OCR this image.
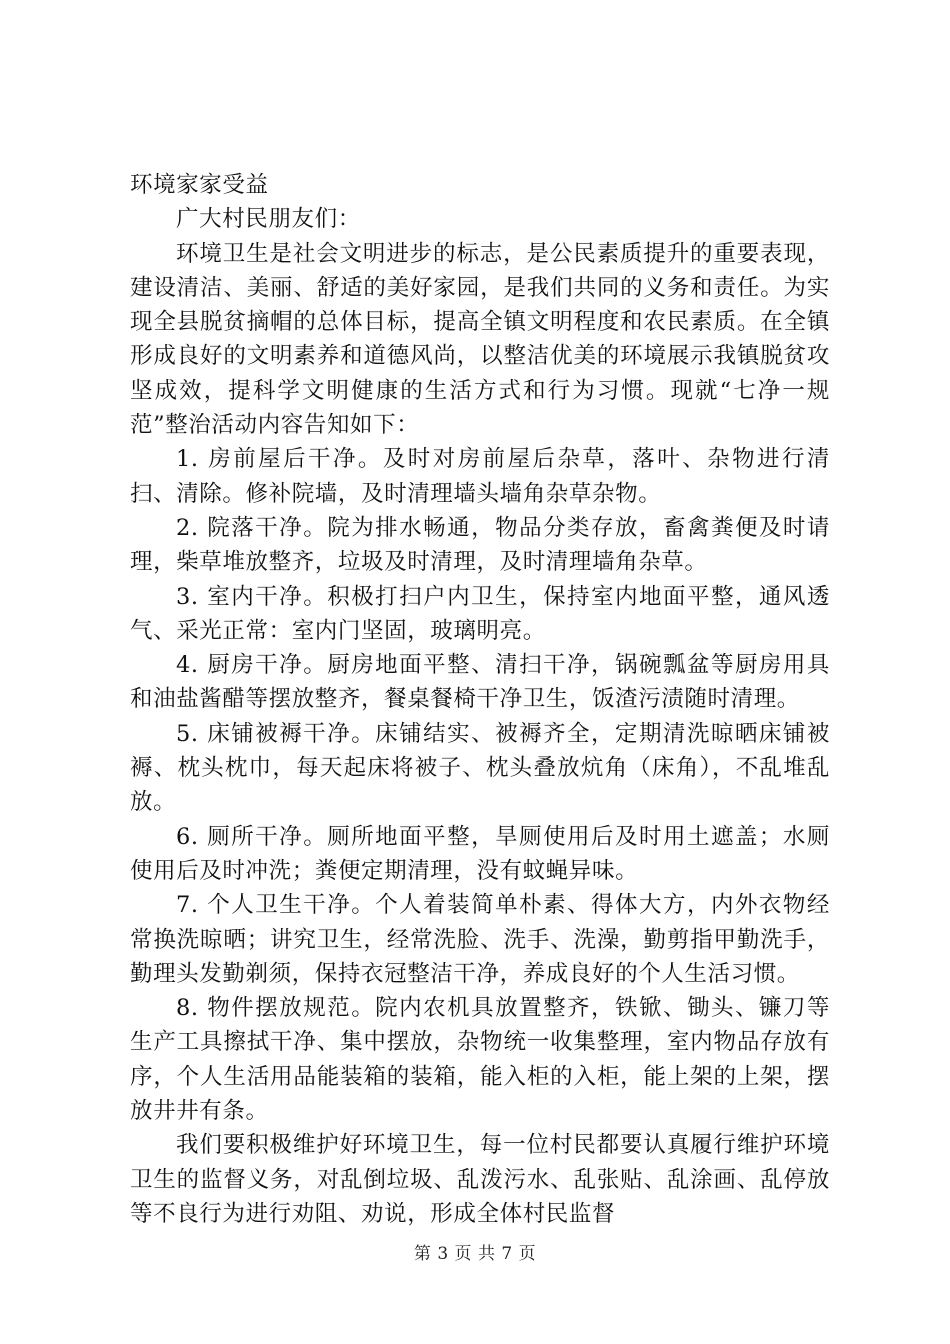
环境家家受益

广大村民朋友们：

环境卫生是社会文明进步的标志，是公民素质提升的重要表现，建设清洁、美丽、舒适的美好家园，是我们共同的义务和责任。为实现全县脱贫摘帽的总体目标，提高全镇文明程度和农民素质。在全镇形成良好的文明素养和道德风尚，以整洁优美的环境展示我镇脱贫攻坚成效，提科学文明健康的生活方式和行为习惯。现就“七净一规范”整治活动内容告知如下：

1. 房前屋后干净。及时对房前屋后杂草，落叶、杂物进行清扫、清除。修补院墙，及时清理墙头墙角杂草杂物。

2. 院落干净。院为排水畅通，物品分类存放，畜禽粪便及时请理，柴草堆放整齐，垃圾及时清理，及时清理墙角杂草。

3. 室内干净。积极打扫户内卫生，保持室内地面平整，通风透气、采光正常：室内门坚固，玻璃明亮。

4. 厨房干净。厨房地面平整、清扫干净，锅碗瓢盆等厨房用具和油盐酱醋等摆放整齐，餐桌餐椅干净卫生，饭渣污渍随时清理。

5. 床铺被褥干净。床铺结实、被褥齐全，定期清洗晾晒床铺被褥、枕头枕巾，每天起床将被子、枕头叠放炕角（床角），不乱堆乱放。

6. 厕所干净。厕所地面平整，旱厕使用后及时用土遮盖；水厕使用后及时冲洗；粪便定期清理，没有蚊蝇异味。

7. 个人卫生干净。个人着装简单朴素、得体大方，内外衣物经常换洗晾晒；讲究卫生，经常洗脸、洗手、洗澡，勤剪指甲勤洗手，勤理头发勤剃须，保持衣冠整洁干净，养成良好的个人生活习惯。

8. 物件摆放规范。院内农机具放置整齐，铁锨、锄头、镰刀等生产工具擦拭干净、集中摆放，杂物统一收集整理，室内物品存放有序，个人生活用品能装箱的装箱，能入柜的入柜，能上架的上架，摆放井井有条。

我们要积极维护好环境卫生，每一位村民都要认真履行维护环境卫生的监督义务，对乱倒垃圾、乱泼污水、乱张贴、乱涂画、乱停放等不良行为进行劝阻、劝说，形成全体村民监督

第 3 页 共 7 页
